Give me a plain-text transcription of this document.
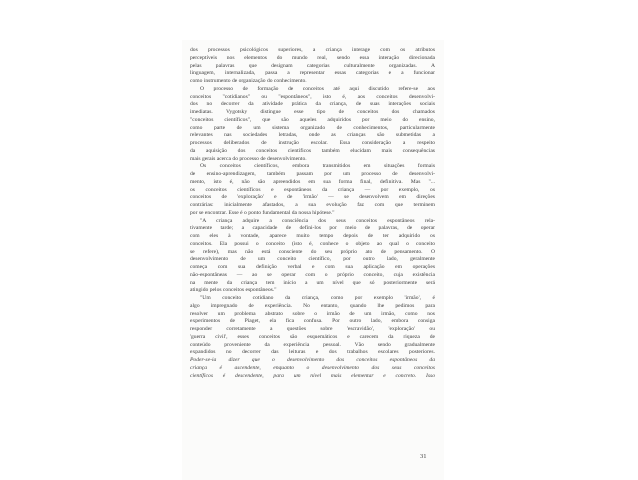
dos processos psicológicos superiores, a criança interage com os atributos
perceptíveis nos elementos do mundo real, sendo essa interação direcionada
pelas palavras que designam categorias culturalmente organizadas. A
linguagem, internalizada, passa a representar essas categorias e a funcionar
como instrumento de organização do conhecimento.
O processo de formação de conceitos até aqui discutido refere-se aos
conceitos "cotidianos" ou "espontâneos", isto é, aos conceitos desenvolvi-
dos no decorrer da atividade prática da criança, de suas interações sociais
imediatas. Vygotsky distingue esse tipo de conceitos dos chamados
"conceitos científicos", que são aqueles adquiridos por meio do ensino,
como parte de um sistema organizado de conhecimentos, particularmente
relevantes nas sociedades letradas, onde as crianças são submetidas a
processos deliberados de instrução escolar. Essa consideração a respeito
da aquisição dos conceitos científicos também elucidam mais consequências
mais gerais acerca do processo de desenvolvimento.
Os conceitos científicos, embora transmitidos em situações formais
de ensino-aprendizagem, também passam por um processo de desenvolvi-
mento, isto é, não são apreendidos em sua forma final, definitiva. Mas "...
os conceitos científicos e espontâneos da criança — por exemplo, os
conceitos de 'exploração' e de 'irmão' — se desenvolvem em direções
contrárias: inicialmente afastados, a sua evolução faz com que terminem
por se encontrar. Esse é o ponto fundamental da nossa hipótese."
"A criança adquire a consciência dos seus conceitos espontâneos rela-
tivamente tarde; a capacidade de defini-los por meio de palavras, de operar
com eles à vontade, aparece muito tempo depois de ter adquirido os
conceitos. Ela possui o conceito (isto é, conhece o objeto ao qual o conceito
se refere), mas não está consciente do seu próprio ato de pensamento. O
desenvolvimento de um conceito científico, por outro lado, geralmente
começa com sua definição verbal e com sua aplicação em operações
não-espontâneas — ao se operar com o próprio conceito, cuja existência
na mente da criança tem início a um nível que só posteriormente será
atingido pelos conceitos espontâneos."
"Um conceito cotidiano da criança, como por exemplo 'irmão', é
algo impregnado de experiência. No entanto, quando lhe pedimos para
resolver um problema abstrato sobre o irmão de um irmão, como nos
experimentos de Piaget, ela fica confusa. Por outro lado, embora consiga
responder corretamente a questões sobre 'escravidão', 'exploração' ou
'guerra civil', esses conceitos são esquemáticos e carecem da riqueza de
conteúdo proveniente da experiência pessoal. Vão sendo gradualmente
expandidos no decorrer das leituras e dos trabalhos escolares posteriores.
Poder-se-ia dizer que o desenvolvimento dos conceitos espontâneos da
criança é ascendente, enquanto o desenvolvimento dos seus conceitos
científicos é descendente, para um nível mais elementar e concreto. Isso
31
